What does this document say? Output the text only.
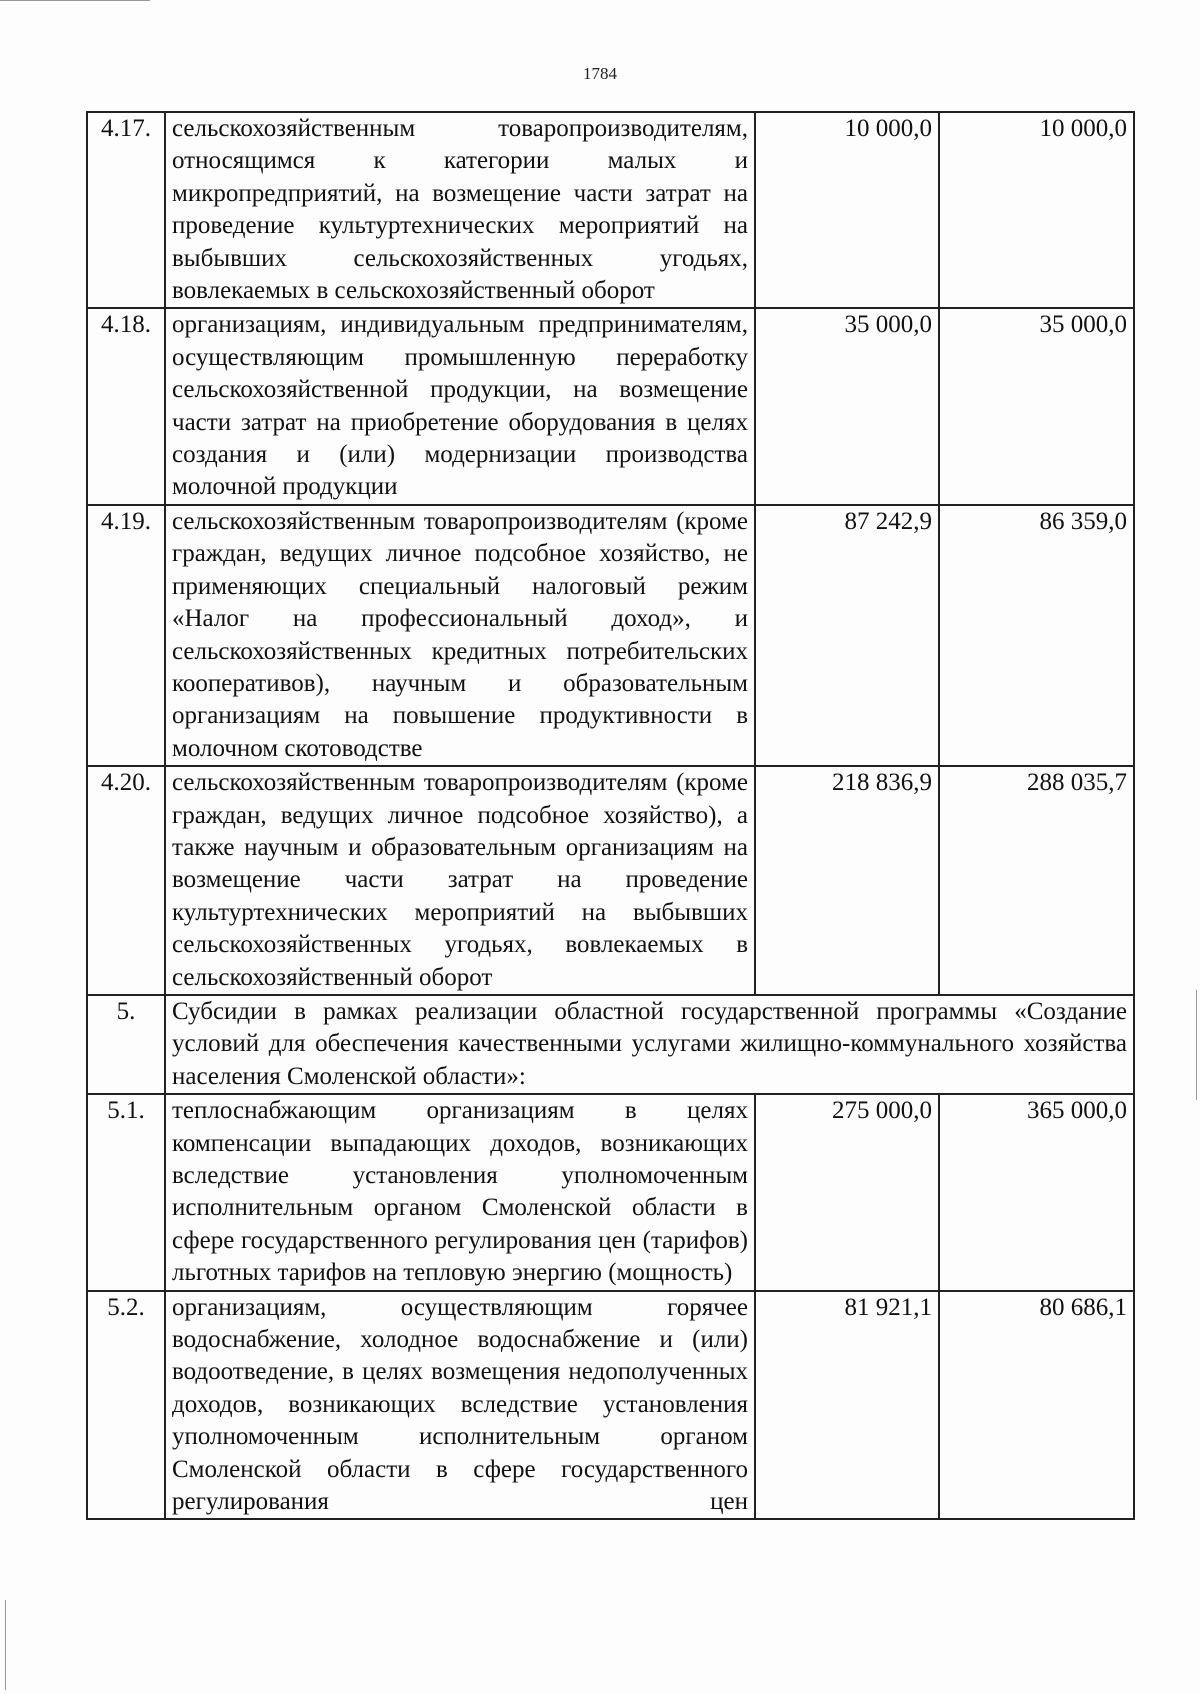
1784
4.17.	сельскохозяйственным товаропроизводителям, относящимся к категории малых и микропредприятий, на возмещение части затрат на проведение культуртехнических мероприятий на выбывших сельскохозяйственных угодьях, вовлекаемых в сельскохозяйственный оборот	10 000,0	10 000,0
4.18.	организациям, индивидуальным предпринимателям, осуществляющим промышленную переработку сельскохозяйственной продукции, на возмещение части затрат на приобретение оборудования в целях создания и (или) модернизации производства молочной продукции	35 000,0	35 000,0
4.19.	сельскохозяйственным товаропроизводителям (кроме граждан, ведущих личное подсобное хозяйство, не применяющих специальный налоговый режим «Налог на профессиональный доход», и сельскохозяйственных кредитных потребительских кооперативов), научным и образовательным организациям на повышение продуктивности в молочном скотоводстве	87 242,9	86 359,0
4.20.	сельскохозяйственным товаропроизводителям (кроме граждан, ведущих личное подсобное хозяйство), а также научным и образовательным организациям на возмещение части затрат на проведение культуртехнических мероприятий на выбывших сельскохозяйственных угодьях, вовлекаемых в сельскохозяйственный оборот	218 836,9	288 035,7
5.	Субсидии в рамках реализации областной государственной программы «Создание условий для обеспечения качественными услугами жилищно-коммунального хозяйства населения Смоленской области»:		
5.1.	теплоснабжающим организациям в целях компенсации выпадающих доходов, возникающих вследствие установления уполномоченным исполнительным органом Смоленской области в сфере государственного регулирования цен (тарифов) льготных тарифов на тепловую энергию (мощность)	275 000,0	365 000,0
5.2.	организациям, осуществляющим горячее водоснабжение, холодное водоснабжение и (или) водоотведение, в целях возмещения недополученных доходов, возникающих вследствие установления уполномоченным исполнительным органом Смоленской области в сфере государственного регулирования цен	81 921,1	80 686,1
